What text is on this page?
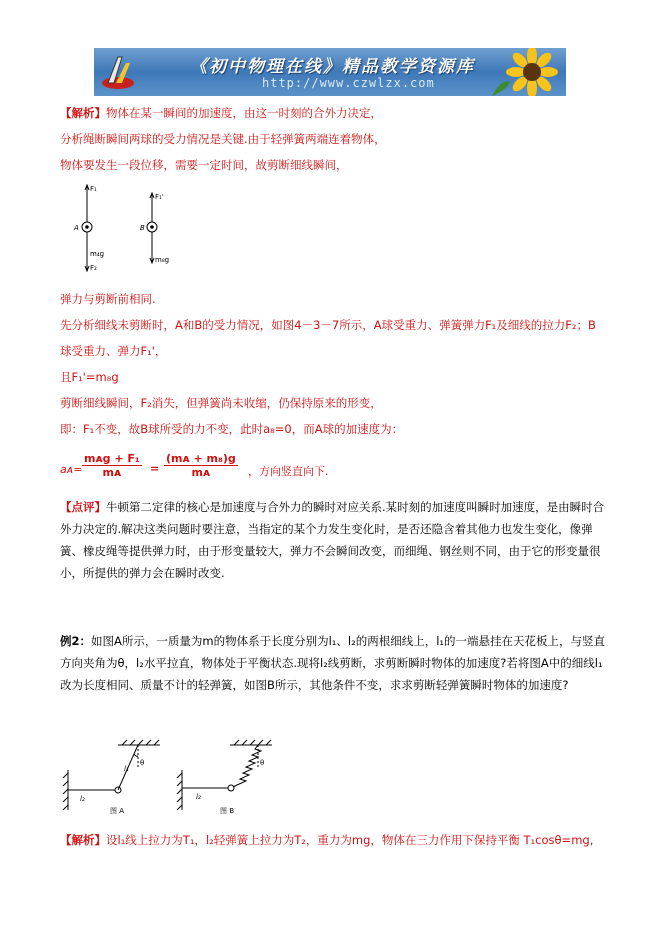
《初中物理在线》精品教学资源库
http://www.czwlzx.com
【解析】物体在某一瞬间的加速度，由这一时刻的合外力决定，
分析绳断瞬间两球的受力情况是关键.由于轻弹簧两端连着物体，
物体要发生一段位移，需要一定时间，故剪断细线瞬间，
F₁
A
m₄g
F₂
F₁'
B
m₈g
弹力与剪断前相同.
先分析细线未剪断时，A和B的受力情况，如图4－3－7所示，A球受重力、弹簧弹力F₁及细线的拉力F₂；B
球受重力、弹力F₁'，
且F₁'=m₈g
剪断细线瞬间，F₂消失，但弹簧尚未收缩，仍保持原来的形变，
即：F₁不变，故B球所受的力不变，此时a₈=0，而A球的加速度为：
aᴀ=
mᴀg + F₁
mᴀ	= $\frac{\text{(mᴀ + m₈)g}}{\text{mᴀ}}$ ，方向竖直向下.
【点评】牛顿第二定律的核心是加速度与合外力的瞬时对应关系.某时刻的加速度叫瞬时加速度，是由瞬时合外力决定的.解决这类问题时要注意，当指定的某个力发生变化时，是否还隐含着其他力也发生变化，像弹簧、橡皮绳等提供弹力时，由于形变量较大，弹力不会瞬间改变，而细绳、钢丝则不同，由于它的形变量很小，所提供的弹力会在瞬时改变.
例2：如图A所示，一质量为m的物体系于长度分别为l₁、l₂的两根细线上，l₁的一端悬挂在天花板上，与竖直方向夹角为θ，l₂水平拉直，物体处于平衡状态.现将l₂线剪断，求剪断瞬时物体的加速度?若将图A中的细线l₁改为长度相同、质量不计的轻弹簧，如图B所示，其他条件不变，求求剪断轻弹簧瞬时物体的加速度?
l₁
θ
l₂
图 A
θ
l₂
图 B
【解析】设l₁线上拉力为T₁，l₂轻弹簧上拉力为T₂，重力为mg，物体在三力作用下保持平衡 T₁cosθ=mg,
